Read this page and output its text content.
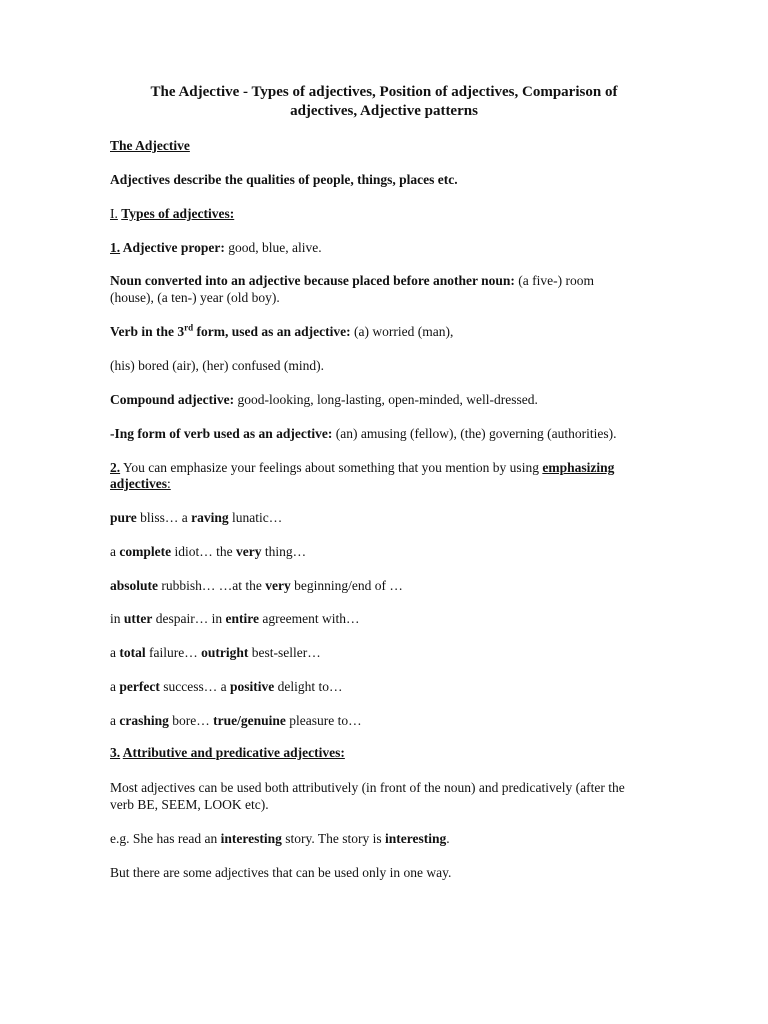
The Adjective - Types of adjectives, Position of adjectives, Comparison of
adjectives, Adjective patterns
The Adjective
Adjectives describe the qualities of people, things, places etc.
I. Types of adjectives:
1. Adjective proper: good, blue, alive.
Noun converted into an adjective because placed before another noun: (a five-) room
(house), (a ten-) year (old boy).
Verb in the 3rd form, used as an adjective: (a) worried (man),
(his) bored (air), (her) confused (mind).
Compound adjective: good-looking, long-lasting, open-minded, well-dressed.
-Ing form of verb used as an adjective: (an) amusing (fellow), (the) governing (authorities).
2. You can emphasize your feelings about something that you mention by using emphasizing
adjectives:
pure bliss… a raving lunatic…
a complete idiot… the very thing…
absolute rubbish… …at the very beginning/end of …
in utter despair… in entire agreement with…
a total failure… outright best-seller…
a perfect success… a positive delight to…
a crashing bore… true/genuine pleasure to…
3. Attributive and predicative adjectives:
Most adjectives can be used both attributively (in front of the noun) and predicatively (after the
verb BE, SEEM, LOOK etc).
e.g. She has read an interesting story. The story is interesting.
But there are some adjectives that can be used only in one way.
